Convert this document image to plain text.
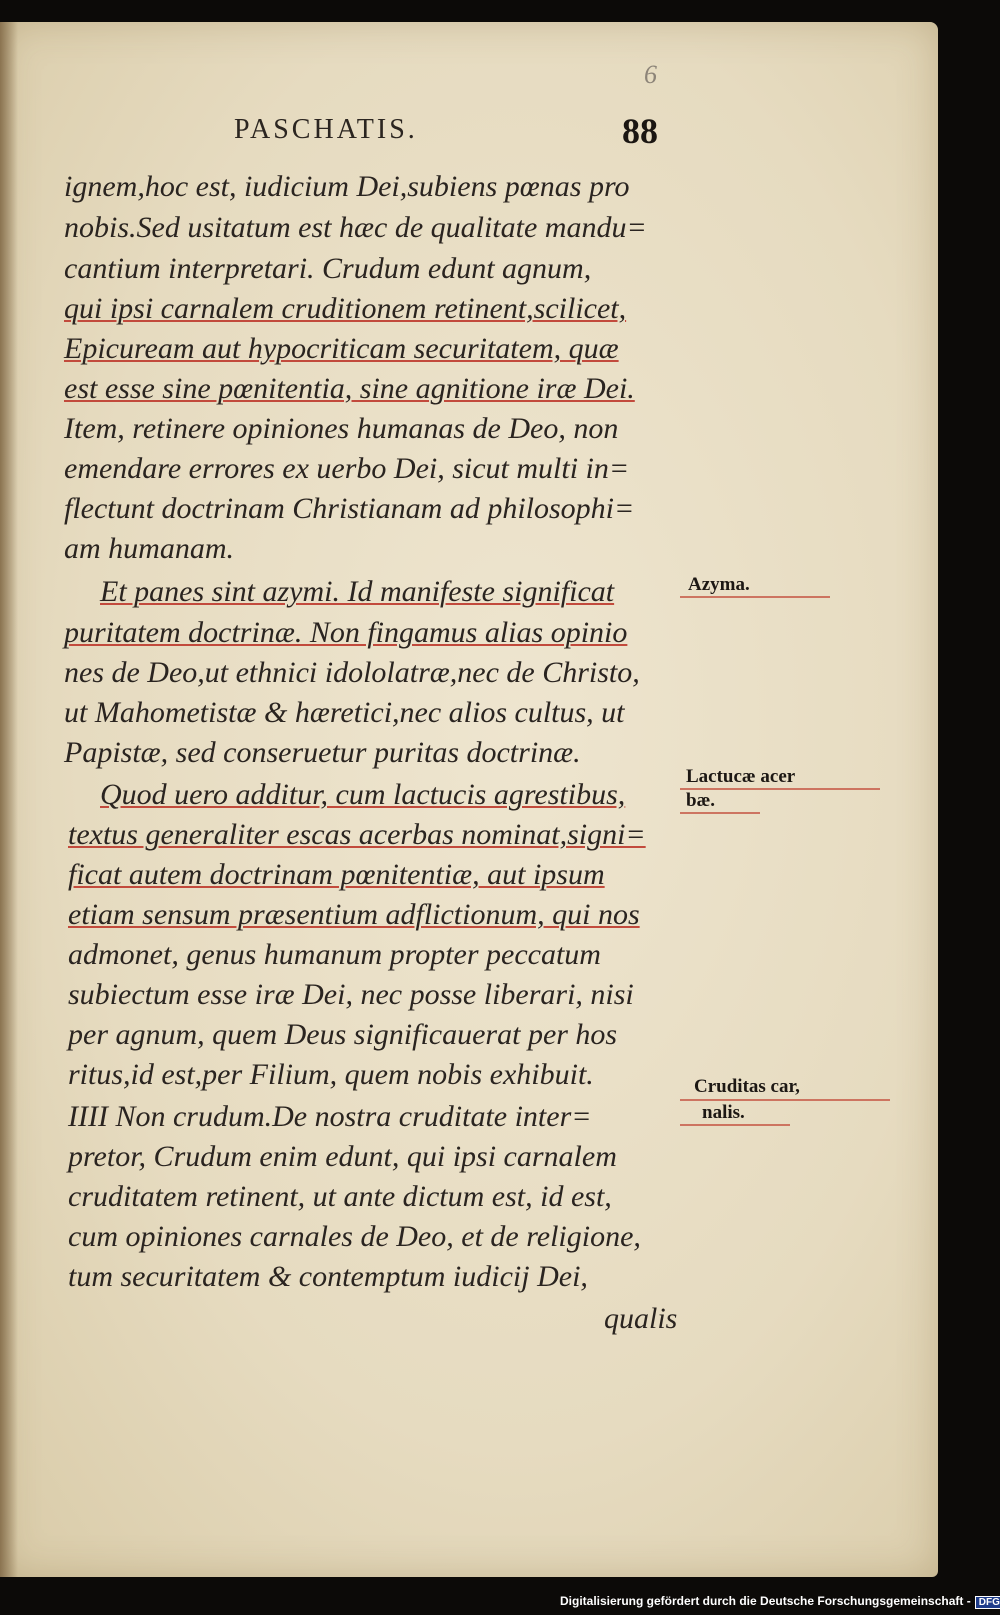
6
PASCHATIS.	88
ignem,hoc est, iudicium Dei,subiens pœnas pro
nobis.Sed usitatum est hæc de qualitate mandu=
cantium interpretari. Crudum edunt agnum,
qui ipsi carnalem cruditionem retinent,scilicet,
Epicuream aut hypocriticam securitatem, quæ
est esse sine pœnitentia, sine agnitione iræ Dei.
Item, retinere opiniones humanas de Deo, non
emendare errores ex uerbo Dei, sicut multi in=
flectunt doctrinam Christianam ad philosophi=
am humanam.
Et panes sint azymi. Id manifeste significat
puritatem doctrinæ. Non fingamus alias opinio
nes de Deo,ut ethnici idololatræ,nec de Christo,
ut Mahometistæ & hæretici,nec alios cultus, ut
Papistæ, sed conseruetur puritas doctrinæ.
Quod uero additur, cum lactucis agrestibus,
textus generaliter escas acerbas nominat,signi=
ficat autem doctrinam pœnitentiæ, aut ipsum
etiam sensum præsentium adflictionum, qui nos
admonet, genus humanum propter peccatum
subiectum esse iræ Dei, nec posse liberari, nisi
per agnum, quem Deus significauerat per hos
ritus,id est,per Filium, quem nobis exhibuit.
IIII Non crudum.De nostra cruditate inter=
pretor, Crudum enim edunt, qui ipsi carnalem
cruditatem retinent, ut ante dictum est, id est,
cum opiniones carnales de Deo, et de religione,
tum securitatem & contemptum iudicij Dei,
qualis
Azyma.
Lactucæ acer
bæ.
Cruditas car,
nalis.
Digitalisierung gefördert durch die Deutsche Forschungsgemeinschaft - DFG
